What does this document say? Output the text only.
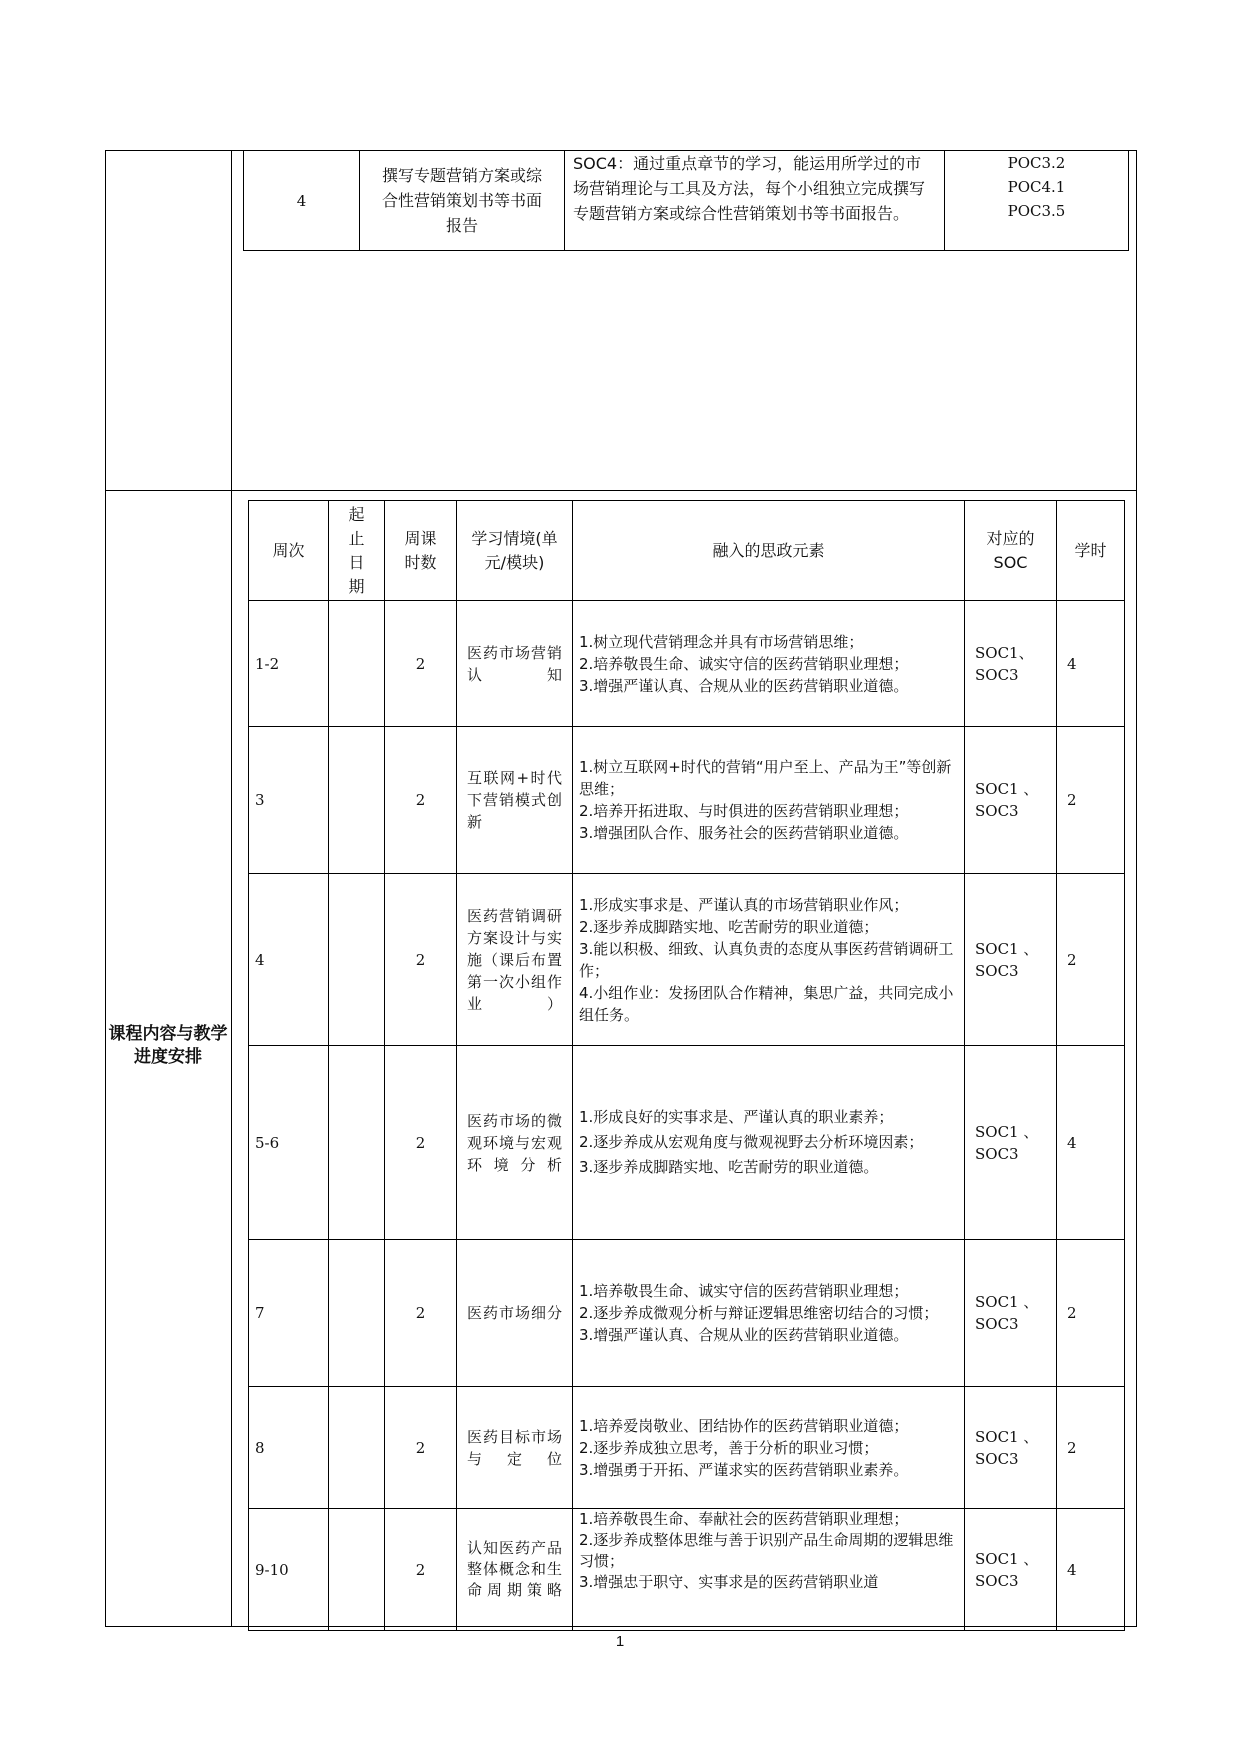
课程内容与教学进度安排
4	撰写专题营销方案或综合性营销策划书等书面报告	SOC4：通过重点章节的学习，能运用所学过的市场营销理论与工具及方法，每个小组独立完成撰写专题营销方案或综合性营销策划书等书面报告。	
POC3.2
POC4.1
POC3.5
周次	起止日期	周课时数	学习情境(单元/模块)	融入的思政元素	对应的SOC	学时
1-2		2	医药市场营销认知	1.树立现代营销理念并具有市场营销思维；
2.培养敬畏生命、诚实守信的医药营销职业理想；
3.增强严谨认真、合规从业的医药营销职业道德。	SOC1、SOC3	4
3		2	互联网+时代下营销模式创新	1.树立互联网+时代的营销“用户至上、产品为王”等创新思维；
2.培养开拓进取、与时俱进的医药营销职业理想；
3.增强团队合作、服务社会的医药营销职业道德。	SOC1 、SOC3	2
4		2	医药营销调研方案设计与实施（课后布置第一次小组作业）	1.形成实事求是、严谨认真的市场营销职业作风；
2.逐步养成脚踏实地、吃苦耐劳的职业道德；
3.能以积极、细致、认真负责的态度从事医药营销调研工作；
4.小组作业：发扬团队合作精神，集思广益，共同完成小组任务。	SOC1 、SOC3	2
5-6		2	医药市场的微观环境与宏观环境分析	1.形成良好的实事求是、严谨认真的职业素养；
2.逐步养成从宏观角度与微观视野去分析环境因素；
3.逐步养成脚踏实地、吃苦耐劳的职业道德。	SOC1 、SOC3	4
7		2	医药市场细分	1.培养敬畏生命、诚实守信的医药营销职业理想；
2.逐步养成微观分析与辩证逻辑思维密切结合的习惯；
3.增强严谨认真、合规从业的医药营销职业道德。	SOC1 、SOC3	2
8		2	医药目标市场与定位	1.培养爱岗敬业、团结协作的医药营销职业道德；
2.逐步养成独立思考，善于分析的职业习惯；
3.增强勇于开拓、严谨求实的医药营销职业素养。	SOC1 、SOC3	2
9-10		2	认知医药产品整体概念和生命周期策略	1.培养敬畏生命、奉献社会的医药营销职业理想；
2.逐步养成整体思维与善于识别产品生命周期的逻辑思维习惯；
3.增强忠于职守、实事求是的医药营销职业道	SOC1 、SOC3	4
1
